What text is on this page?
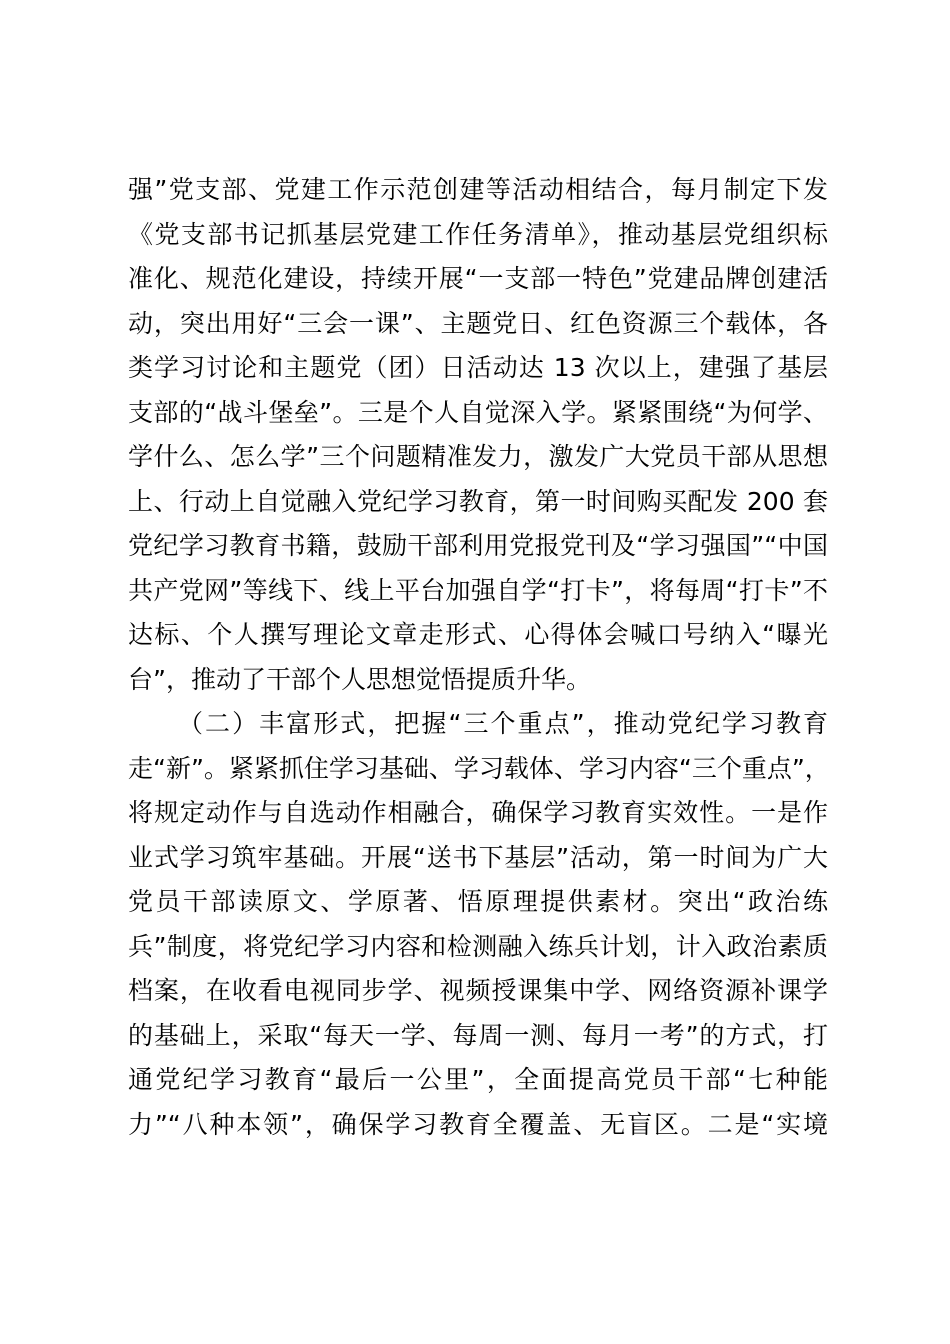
强”党支部、党建工作示范创建等活动相结合，每月制定下发
《党支部书记抓基层党建工作任务清单》，推动基层党组织标
准化、规范化建设，持续开展“一支部一特色”党建品牌创建活
动，突出用好“三会一课”、主题党日、红色资源三个载体，各
类学习讨论和主题党（团）日活动达 13 次以上，建强了基层
支部的“战斗堡垒”。三是个人自觉深入学。紧紧围绕“为何学、
学什么、怎么学”三个问题精准发力，激发广大党员干部从思想
上、行动上自觉融入党纪学习教育，第一时间购买配发 200 套
党纪学习教育书籍，鼓励干部利用党报党刊及“学习强国”“中国
共产党网”等线下、线上平台加强自学“打卡”，将每周“打卡”不
达标、个人撰写理论文章走形式、心得体会喊口号纳入“曝光
台”，推动了干部个人思想觉悟提质升华。
（二）丰富形式，把握“三个重点”，推动党纪学习教育
走“新”。紧紧抓住学习基础、学习载体、学习内容“三个重点”，
将规定动作与自选动作相融合，确保学习教育实效性。一是作
业式学习筑牢基础。开展“送书下基层”活动，第一时间为广大
党员干部读原文、学原著、悟原理提供素材。突出“政治练
兵”制度，将党纪学习内容和检测融入练兵计划，计入政治素质
档案，在收看电视同步学、视频授课集中学、网络资源补课学
的基础上，采取“每天一学、每周一测、每月一考”的方式，打
通党纪学习教育“最后一公里”，全面提高党员干部“七种能
力”“八种本领”，确保学习教育全覆盖、无盲区。二是“实境
